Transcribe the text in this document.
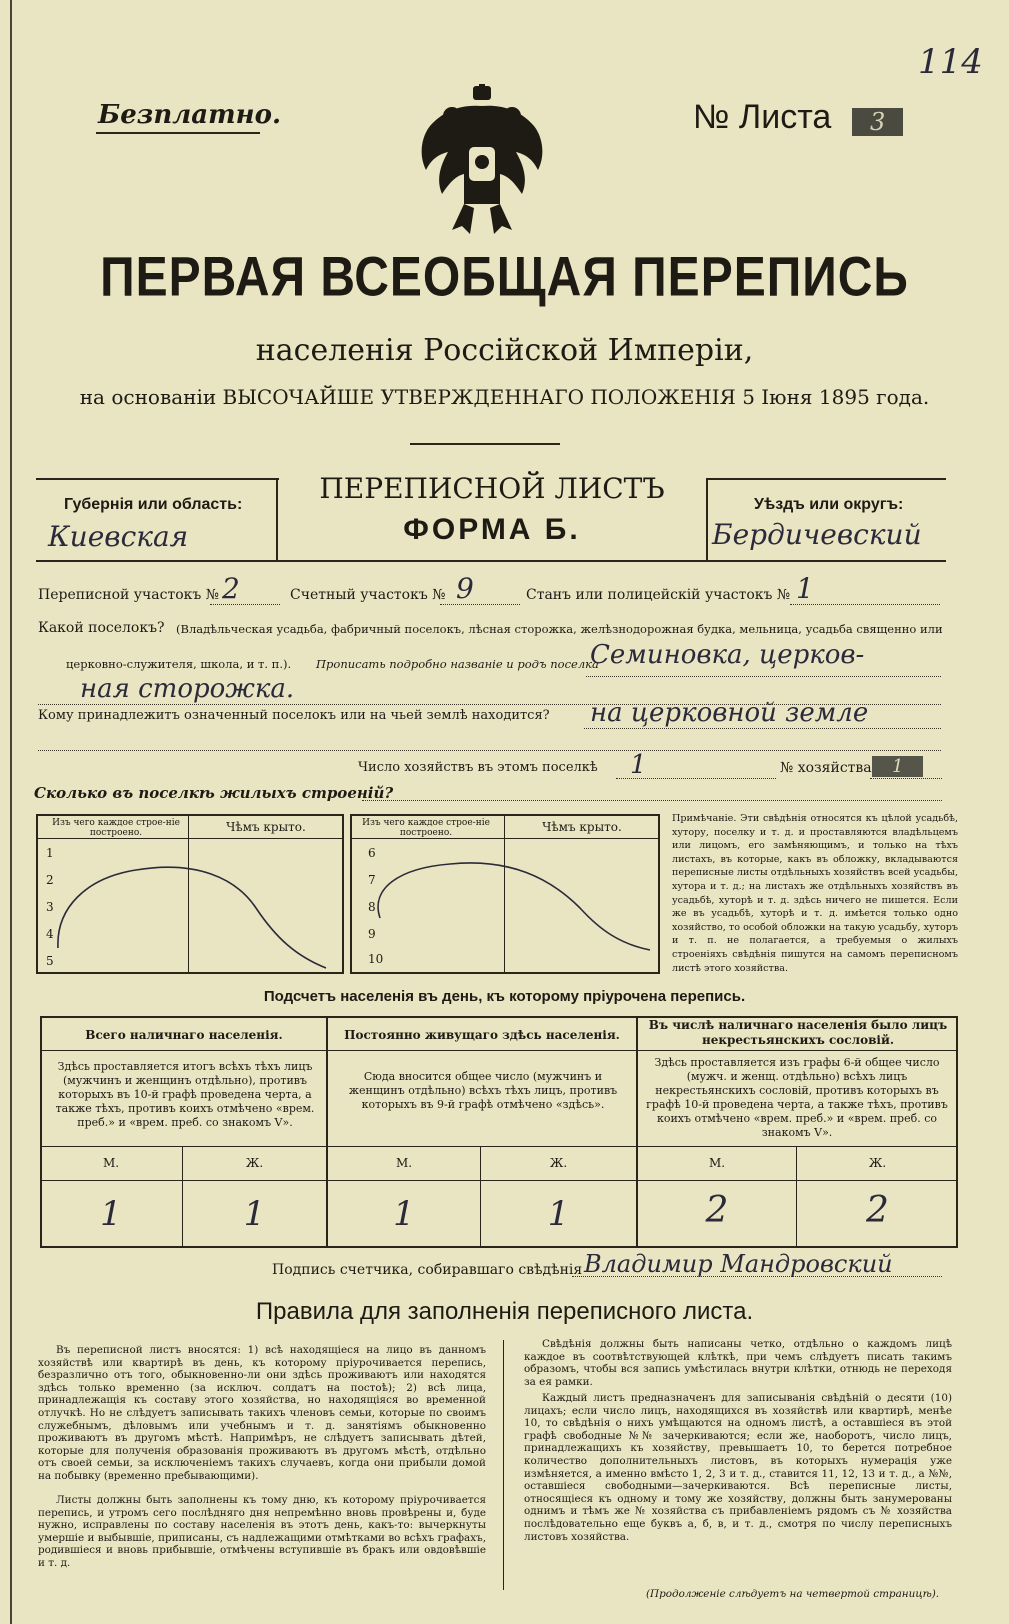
114
Безплатно.	№ Листа	3
ПЕРВАЯ ВСЕОБЩАЯ ПЕРЕПИСЬ
населенія Россійской Имперіи,
на основаніи ВЫСОЧАЙШЕ УТВЕРЖДЕННАГО ПОЛОЖЕНІЯ 5 Іюня 1895 года.
Губернія или область:
Киевская
ПЕРЕПИСНОЙ ЛИСТЪ
ФОРМА Б.
Уѣздъ или округъ:
Бердичевский
Переписной участокъ № 2	Счетный участокъ № 9	Станъ или полицейскій участокъ № 1
Какой поселокъ? (Владѣльческая усадьба, фабричный поселокъ, лѣсная сторожка, желѣзнодорожная будка, мельница, усадьба священно или
церковно-служителя, школа, и т. п.). Прописать подробно названіе и родъ поселка
Семиновка, церков-
ная сторожка.
Кому принадлежитъ означенный поселокъ или на чьей землѣ находится? на церковной земле
Число хозяйствъ въ этомъ поселкѣ 1	№ хозяйства	1
Сколько въ поселкѣ жилыхъ строеній?
Изъ чего каждое строе-ніе построено.	Чѣмъ крыто.
1
2
3
4
5
Изъ чего каждое строе-ніе построено.	Чѣмъ крыто.
6
7
8
9
10
Примѣчаніе. Эти свѣдѣнія относятся къ цѣлой усадьбѣ, хутору, поселку и т. д. и проставляются владѣльцемъ или лицомъ, его замѣняющимъ, и только на тѣхъ листахъ, въ которые, какъ въ обложку, вкладываются переписные листы отдѣльныхъ хозяйствъ всей усадьбы, хутора и т. д.; на листахъ же отдѣльныхъ хозяйствъ въ усадьбѣ, хуторѣ и т. д. здѣсь ничего не пишется. Если же въ усадьбѣ, хуторѣ и т. д. имѣется только одно хозяйство, то особой обложки на такую усадьбу, хуторъ и т. п. не полагается, а требуемыя о жилыхъ строеніяхъ свѣдѣнія пишутся на самомъ переписномъ листѣ этого хозяйства.
Подсчетъ населенія въ день, къ которому пріурочена перепись.
Всего наличнаго населенія.
Здѣсь проставляется итогъ всѣхъ тѣхъ лицъ (мужчинъ и женщинъ отдѣльно), противъ которыхъ въ 10-й графѣ проведена черта, а также тѣхъ, противъ коихъ отмѣчено «врем. преб.» и «врем. преб. со знакомъ V».
Постоянно живущаго здѣсь населенія.
Сюда вносится общее число (мужчинъ и женщинъ отдѣльно) всѣхъ тѣхъ лицъ, противъ которыхъ въ 9-й графѣ отмѣчено «здѣсь».
Въ числѣ наличнаго населенія было лицъ некрестьянскихъ сословій.
Здѣсь проставляется изъ графы 6-й общее число (мужч. и женщ. отдѣльно) всѣхъ лицъ некрестьянскихъ сословій, противъ которыхъ въ графѣ 10-й проведена черта, а также тѣхъ, противъ коихъ отмѣчено «врем. преб.» и «врем. преб. со знакомъ V».
М.	Ж.	М.	Ж.	М.	Ж.
1	1	1	1	2	2
Подпись счетчика, собиравшаго свѣдѣнія Владимир Мандровский
Правила для заполненія переписного листа.
Въ переписной листъ вносятся: 1) всѣ находящіеся на лицо въ данномъ хозяйствѣ или квартирѣ въ день, къ которому пріурочивается перепись, безразлично отъ того, обыкновенно-ли они здѣсь проживаютъ или находятся здѣсь только временно (за исключ. солдатъ на постоѣ); 2) всѣ лица, принадлежащія къ составу этого хозяйства, но находящіяся во временной отлучкѣ. Но не слѣдуетъ записывать такихъ членовъ семьи, которые по своимъ служебнымъ, дѣловымъ или учебнымъ и т. д. занятіямъ обыкновенно проживаютъ въ другомъ мѣстѣ. Напримѣръ, не слѣдуетъ записывать дѣтей, которые для полученія образованія проживаютъ въ другомъ мѣстѣ, отдѣльно отъ своей семьи, за исключеніемъ такихъ случаевъ, когда они прибыли домой на побывку (временно пребывающими).
Листы должны быть заполнены къ тому дню, къ которому пріурочивается перепись, и утромъ сего послѣдняго дня непремѣнно вновь провѣрены и, буде нужно, исправлены по составу населенія въ этотъ день, какъ-то: вычеркнуты умершіе и выбывшіе, приписаны, съ надлежащими отмѣтками во всѣхъ графахъ, родившіеся и вновь прибывшіе, отмѣчены вступившіе въ бракъ или овдовѣвшіе и т. д.
Свѣдѣнія должны быть написаны четко, отдѣльно о каждомъ лицѣ каждое въ соотвѣтствующей клѣткѣ, при чемъ слѣдуетъ писать такимъ образомъ, чтобы вся запись умѣстилась внутри клѣтки, отнюдь не переходя за ея рамки.
Каждый листъ предназначенъ для записыванія свѣдѣній о десяти (10) лицахъ; если число лицъ, находящихся въ хозяйствѣ или квартирѣ, менѣе 10, то свѣдѣнія о нихъ умѣщаются на одномъ листѣ, а оставшіеся въ этой графѣ свободные №№ зачеркиваются; если же, наоборотъ, число лицъ, принадлежащихъ къ хозяйству, превышаетъ 10, то берется потребное количество дополнительныхъ листовъ, въ которыхъ нумерація уже измѣняется, а именно вмѣсто 1, 2, 3 и т. д., ставится 11, 12, 13 и т. д., а №№, оставшіеся свободными—зачеркиваются. Всѣ переписные листы, относящіеся къ одному и тому же хозяйству, должны быть занумерованы однимъ и тѣмъ же № хозяйства съ прибавленіемъ рядомъ съ № хозяйства послѣдовательно еще буквъ а, б, в, и т. д., смотря по числу переписныхъ листовъ хозяйства.
(Продолженіе слѣдуетъ на четвертой страницѣ).
